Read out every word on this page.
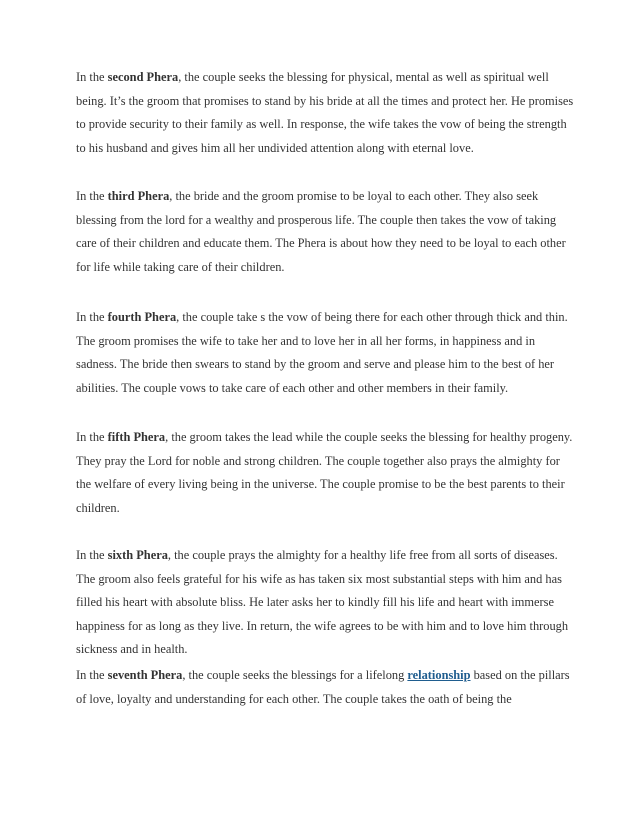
In the second Phera, the couple seeks the blessing for physical, mental as well as spiritual well being. It’s the groom that promises to stand by his bride at all the times and protect her. He promises to provide security to their family as well. In response, the wife takes the vow of being the strength to his husband and gives him all her undivided attention along with eternal love.

In the third Phera, the bride and the groom promise to be loyal to each other. They also seek blessing from the lord for a wealthy and prosperous life. The couple then takes the vow of taking care of their children and educate them. The Phera is about how they need to be loyal to each other for life while taking care of their children.

In the fourth Phera, the couple take s the vow of being there for each other through thick and thin. The groom promises the wife to take her and to love her in all her forms, in happiness and in sadness. The bride then swears to stand by the groom and serve and please him to the best of her abilities. The couple vows to take care of each other and other members in their family.

In the fifth Phera, the groom takes the lead while the couple seeks the blessing for healthy progeny. They pray the Lord for noble and strong children. The couple together also prays the almighty for the welfare of every living being in the universe. The couple promise to be the best parents to their children.

In the sixth Phera, the couple prays the almighty for a healthy life free from all sorts of diseases. The groom also feels grateful for his wife as has taken six most substantial steps with him and has filled his heart with absolute bliss. He later asks her to kindly fill his life and heart with immerse happiness for as long as they live. In return, the wife agrees to be with him and to love him through sickness and in health.

In the seventh Phera, the couple seeks the blessings for a lifelong relationship based on the pillars of love, loyalty and understanding for each other. The couple takes the oath of being the
